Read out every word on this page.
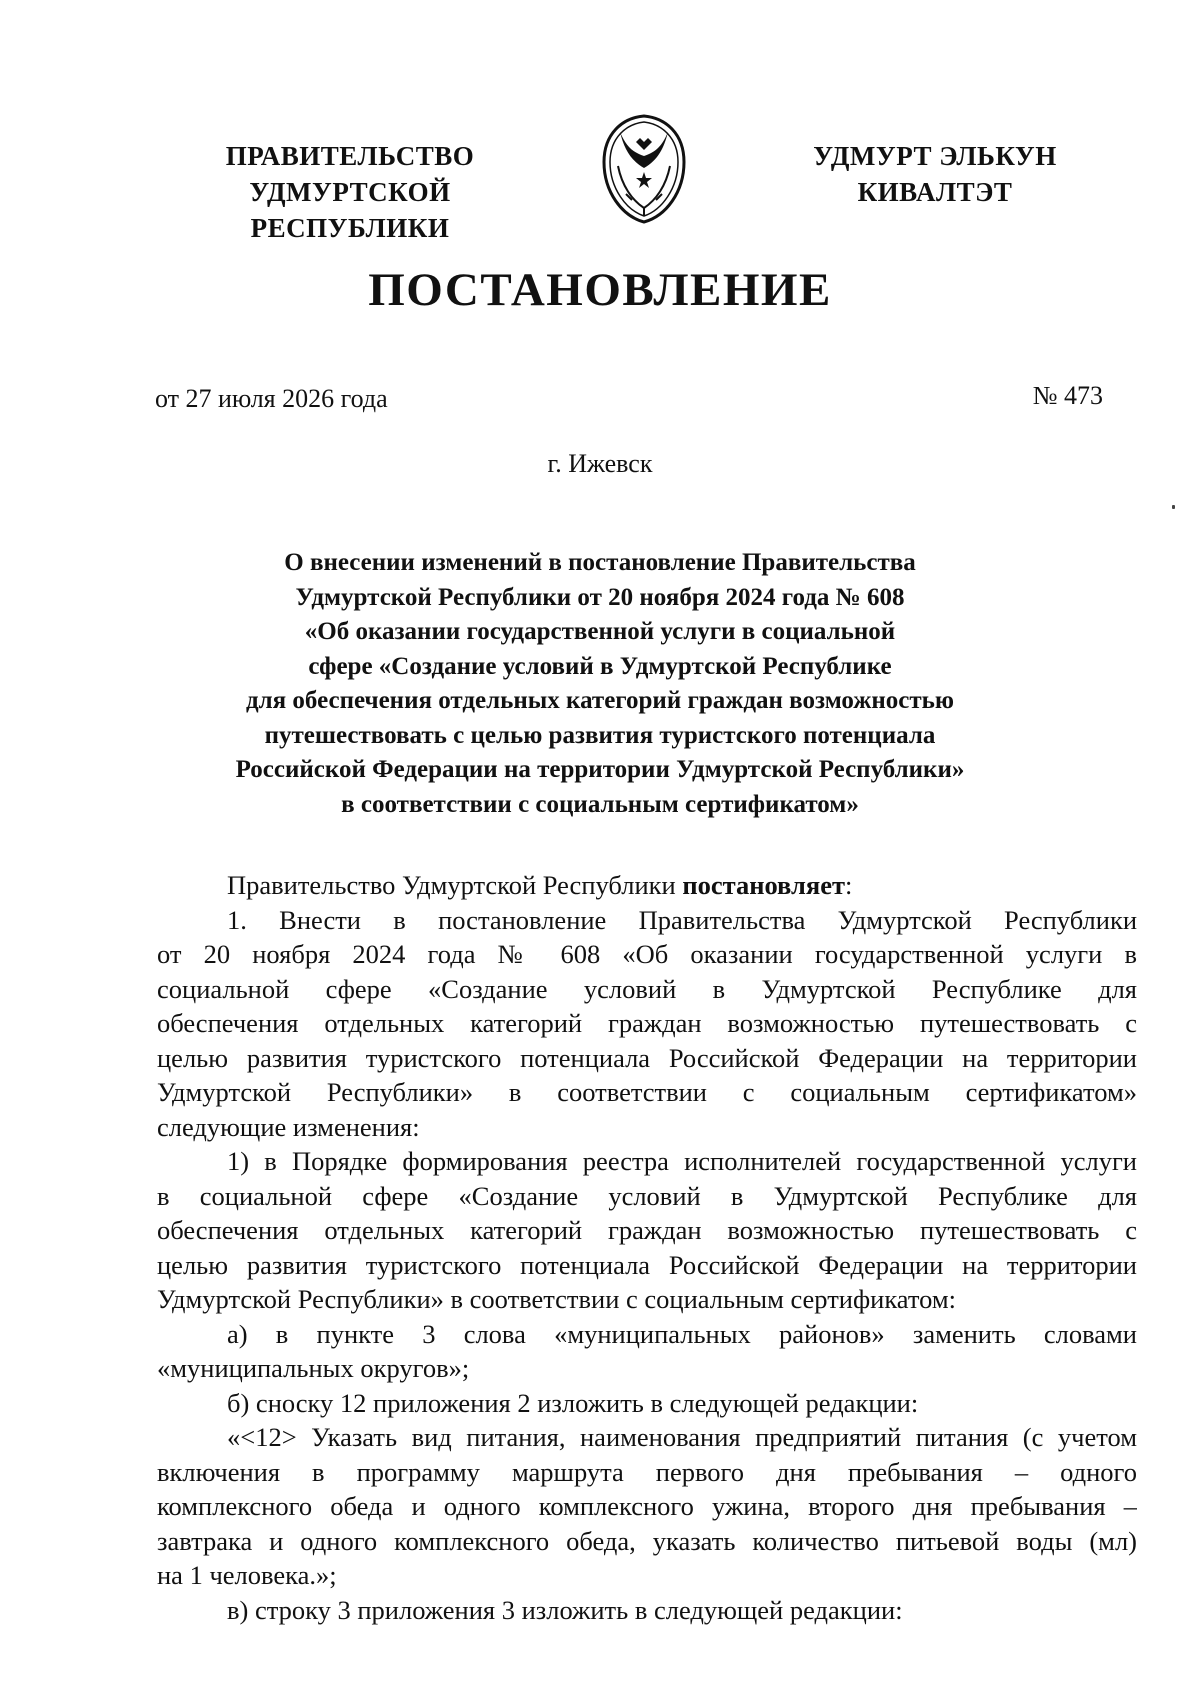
ПРАВИТЕЛЬСТВО
УДМУРТСКОЙ РЕСПУБЛИКИ
УДМУРТ ЭЛЬКУН
КИВАЛТЭТ
ПОСТАНОВЛЕНИЕ
от 27 июля 2026 года	№ 473
г. Ижевск
О внесении изменений в постановление Правительства
Удмуртской Республики от 20 ноября 2024 года № 608
«Об оказании государственной услуги в социальной
сфере «Создание условий в Удмуртской Республике
для обеспечения отдельных категорий граждан возможностью
путешествовать с целью развития туристского потенциала
Российской Федерации на территории Удмуртской Республики»
в соответствии с социальным сертификатом»
Правительство Удмуртской Республики постановляет:
1. Внести в постановление Правительства Удмуртской Республики
от 20 ноября 2024 года № 608 «Об оказании государственной услуги в
социальной сфере «Создание условий в Удмуртской Республике для
обеспечения отдельных категорий граждан возможностью путешествовать с
целью развития туристского потенциала Российской Федерации на территории
Удмуртской Республики» в соответствии с социальным сертификатом»
следующие изменения:
1) в Порядке формирования реестра исполнителей государственной услуги
в социальной сфере «Создание условий в Удмуртской Республике для
обеспечения отдельных категорий граждан возможностью путешествовать с
целью развития туристского потенциала Российской Федерации на территории
Удмуртской Республики» в соответствии с социальным сертификатом:
а) в пункте 3 слова «муниципальных районов» заменить словами
«муниципальных округов»;
б) сноску 12 приложения 2 изложить в следующей редакции:
«<12> Указать вид питания, наименования предприятий питания (с учетом
включения в программу маршрута первого дня пребывания – одного
комплексного обеда и одного комплексного ужина, второго дня пребывания –
завтрака и одного комплексного обеда, указать количество питьевой воды (мл)
на 1 человека.»;
в) строку 3 приложения 3 изложить в следующей редакции:
